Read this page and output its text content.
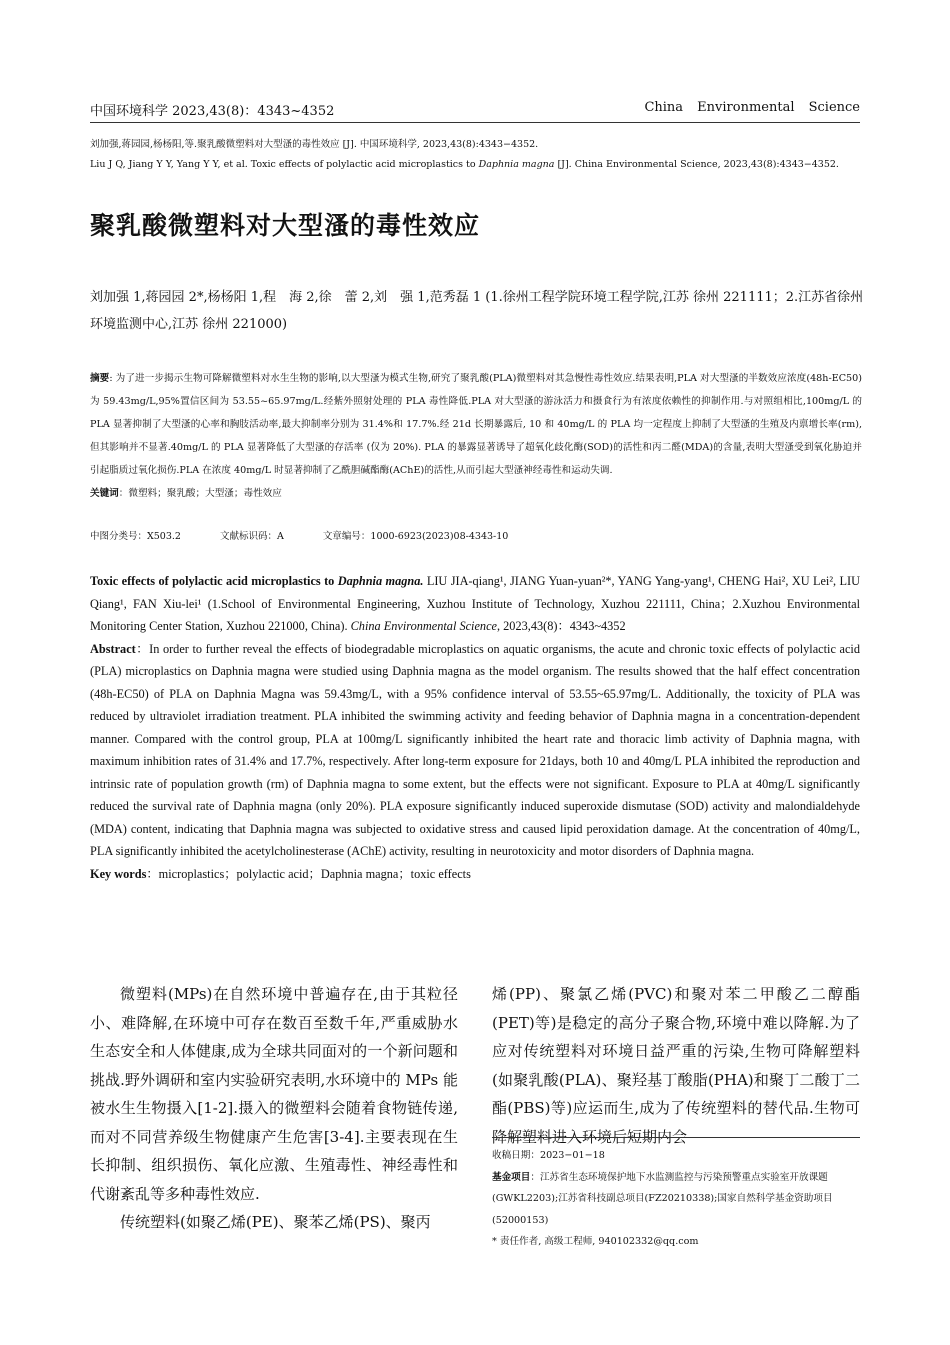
中国环境科学 2023,43(8)：4343~4352	China Environmental Science
刘加强,蒋园园,杨杨阳,等.聚乳酸微塑料对大型溞的毒性效应 [J]. 中国环境科学, 2023,43(8):4343−4352.
Liu J Q, Jiang Y Y, Yang Y Y, et al. Toxic effects of polylactic acid microplastics to Daphnia magna [J]. China Environmental Science, 2023,43(8):4343−4352.
聚乳酸微塑料对大型溞的毒性效应
刘加强 1,蒋园园 2*,杨杨阳 1,程　海 2,徐　蕾 2,刘　强 1,范秀磊 1 (1.徐州工程学院环境工程学院,江苏 徐州 221111；2.江苏省徐州环境监测中心,江苏 徐州 221000)
摘要: 为了进一步揭示生物可降解微塑料对水生生物的影响,以大型溞为模式生物,研究了聚乳酸(PLA)微塑料对其急慢性毒性效应.结果表明,PLA 对大型溞的半数效应浓度(48h-EC50)为 59.43mg/L,95%置信区间为 53.55~65.97mg/L.经紫外照射处理的 PLA 毒性降低.PLA 对大型溞的游泳活力和摄食行为有浓度依赖性的抑制作用.与对照组相比,100mg/L 的 PLA 显著抑制了大型溞的心率和胸肢活动率,最大抑制率分别为 31.4%和 17.7%.经 21d 长期暴露后, 10 和 40mg/L 的 PLA 均一定程度上抑制了大型溞的生殖及内禀增长率(rm),但其影响并不显著.40mg/L 的 PLA 显著降低了大型溞的存活率 (仅为 20%). PLA 的暴露显著诱导了超氧化歧化酶(SOD)的活性和丙二醛(MDA)的含量,表明大型溞受到氧化胁迫并引起脂质过氧化损伤.PLA 在浓度 40mg/L 时显著抑制了乙酰胆碱酯酶(AChE)的活性,从而引起大型溞神经毒性和运动失调.
关键词：微塑料；聚乳酸；大型溞；毒性效应
中图分类号：X503.2	文献标识码：A	文章编号：1000-6923(2023)08-4343-10

Toxic effects of polylactic acid microplastics to Daphnia magna. LIU JIA-qiang¹, JIANG Yuan-yuan²*, YANG Yang-yang¹, CHENG Hai², XU Lei², LIU Qiang¹, FAN Xiu-lei¹ (1.School of Environmental Engineering, Xuzhou Institute of Technology, Xuzhou 221111, China；2.Xuzhou Environmental Monitoring Center Station, Xuzhou 221000, China). China Environmental Science, 2023,43(8)：4343~4352

Abstract：In order to further reveal the effects of biodegradable microplastics on aquatic organisms, the acute and chronic toxic effects of polylactic acid (PLA) microplastics on Daphnia magna were studied using Daphnia magna as the model organism. The results showed that the half effect concentration (48h-EC50) of PLA on Daphnia Magna was 59.43mg/L, with a 95% confidence interval of 53.55~65.97mg/L. Additionally, the toxicity of PLA was reduced by ultraviolet irradiation treatment. PLA inhibited the swimming activity and feeding behavior of Daphnia magna in a concentration-dependent manner. Compared with the control group, PLA at 100mg/L significantly inhibited the heart rate and thoracic limb activity of Daphnia magna, with maximum inhibition rates of 31.4% and 17.7%, respectively. After long-term exposure for 21days, both 10 and 40mg/L PLA inhibited the reproduction and intrinsic rate of population growth (rm) of Daphnia magna to some extent, but the effects were not significant. Exposure to PLA at 40mg/L significantly reduced the survival rate of Daphnia magna (only 20%). PLA exposure significantly induced superoxide dismutase (SOD) activity and malondialdehyde (MDA) content, indicating that Daphnia magna was subjected to oxidative stress and caused lipid peroxidation damage. At the concentration of 40mg/L, PLA significantly inhibited the acetylcholinesterase (AChE) activity, resulting in neurotoxicity and motor disorders of Daphnia magna.

Key words：microplastics；polylactic acid；Daphnia magna；toxic effects

微塑料(MPs)在自然环境中普遍存在,由于其粒径小、难降解,在环境中可存在数百至数千年,严重威胁水生态安全和人体健康,成为全球共同面对的一个新问题和挑战.野外调研和室内实验研究表明,水环境中的 MPs 能被水生生物摄入[1-2].摄入的微塑料会随着食物链传递,而对不同营养级生物健康产生危害[3-4].主要表现在生长抑制、组织损伤、氧化应激、生殖毒性、神经毒性和代谢紊乱等多种毒性效应.

传统塑料(如聚乙烯(PE)、聚苯乙烯(PS)、聚丙

烯(PP)、聚氯乙烯(PVC)和聚对苯二甲酸乙二醇酯(PET)等)是稳定的高分子聚合物,环境中难以降解.为了应对传统塑料对环境日益严重的污染,生物可降解塑料(如聚乳酸(PLA)、聚羟基丁酸脂(PHA)和聚丁二酸丁二酯(PBS)等)应运而生,成为了传统塑料的替代品.生物可降解塑料进入环境后短期内会

收稿日期：2023−01−18

基金项目：江苏省生态环境保护地下水监测监控与污染预警重点实验室开放课题(GWKL2203);江苏省科技副总项目(FZ20210338);国家自然科学基金资助项目(52000153)

* 责任作者, 高级工程师, 940102332@qq.com
